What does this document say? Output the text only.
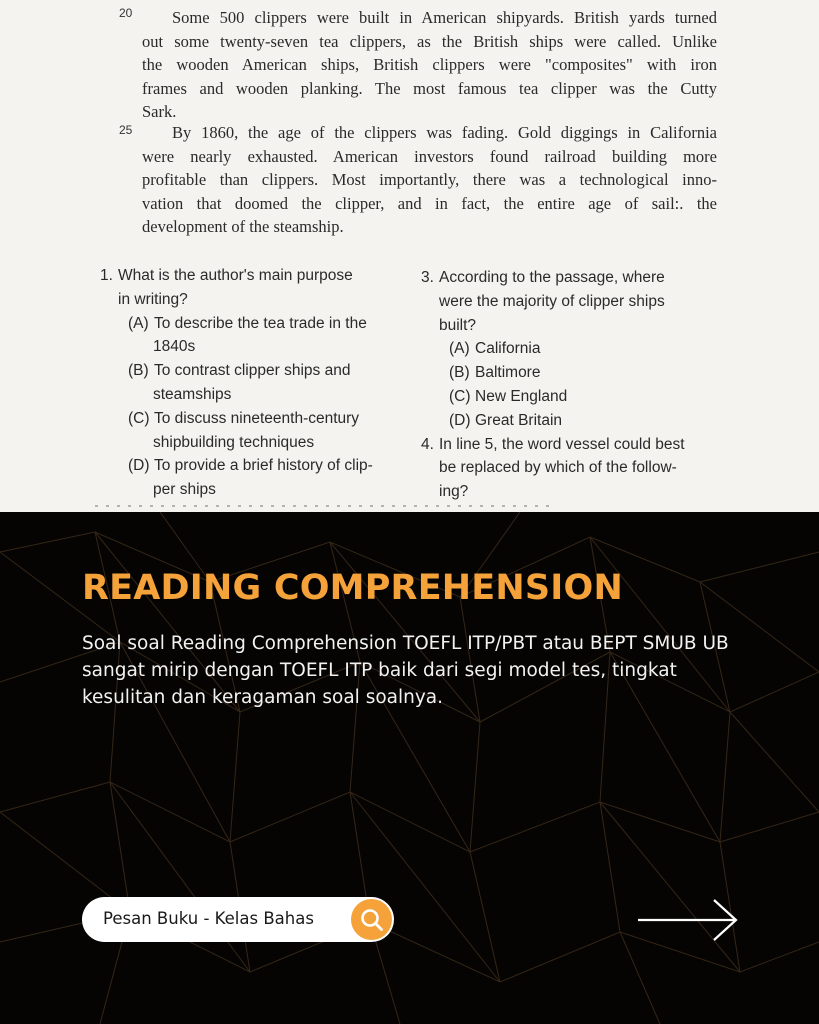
20	Some 500 clippers were built in American shipyards. British yards turned
out some twenty-seven tea clippers, as the British ships were called. Unlike
the wooden American ships, British clippers were "composites" with iron
frames and wooden planking. The most famous tea clipper was the Cutty
Sark.
25	By 1860, the age of the clippers was fading. Gold diggings in California
were nearly exhausted. American investors found railroad building more
profitable than clippers. Most importantly, there was a technological inno-
vation that doomed the clipper, and in fact, the entire age of sail:. the
development of the steamship.
1. What is the author's main purpose
in writing?
(A) To describe the tea trade in the
1840s
(B) To contrast clipper ships and
steamships
(C) To discuss nineteenth-century
shipbuilding techniques
(D) To provide a brief history of clip-
per ships
3. According to the passage, where
were the majority of clipper ships
built?
(A) California
(B) Baltimore
(C) New England
(D) Great Britain
4. In line 5, the word vessel could best
be replaced by which of the follow-
ing?
READING COMPREHENSION

Soal soal Reading Comprehension TOEFL ITP/PBT atau BEPT SMUB UB sangat mirip dengan TOEFL ITP baik dari segi model tes, tingkat kesulitan dan keragaman soal soalnya.

Pesan Buku - Kelas Bahas
